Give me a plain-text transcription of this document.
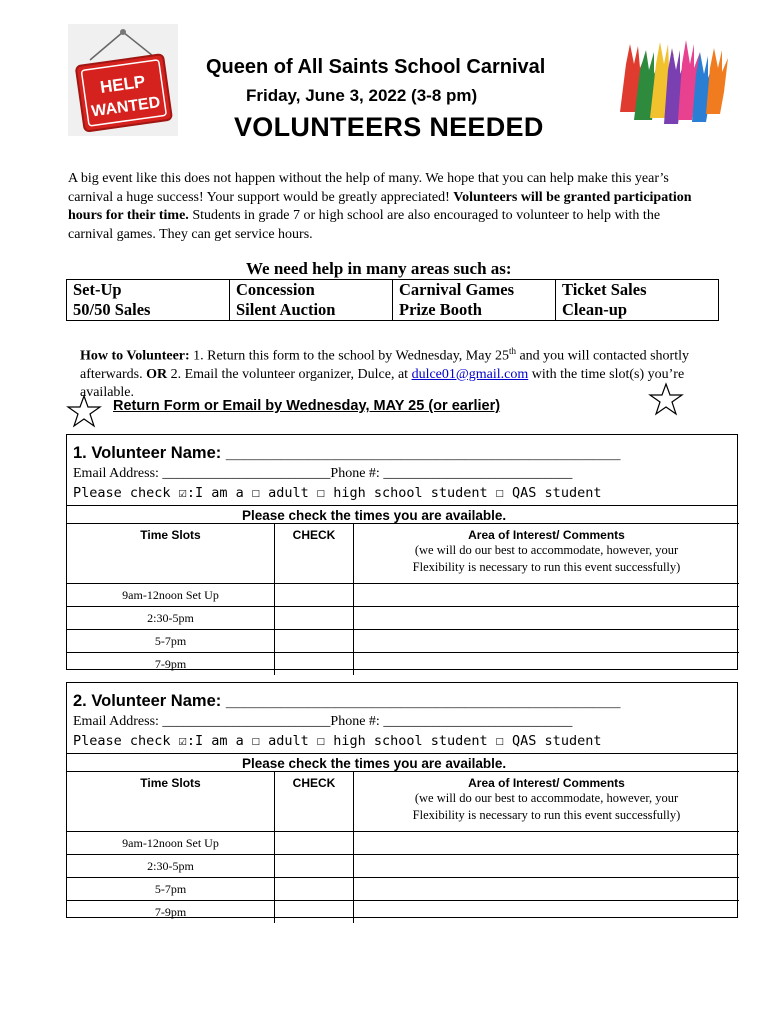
HELP
WANTED
Queen of All Saints School Carnival
Friday, June 3, 2022 (3-8 pm)
VOLUNTEERS NEEDED
A big event like this does not happen without the help of many. We hope that you can help make this year’s carnival a huge success! Your support would be greatly appreciated! Volunteers will be granted participation hours for their time. Students in grade 7 or high school are also encouraged to volunteer to help with the carnival games. They can get service hours.
We need help in many areas such as:
Set-Up	Concession	Carnival Games	Ticket Sales
50/50 Sales	Silent Auction	Prize Booth	Clean-up
How to Volunteer: 1. Return this form to the school by Wednesday, May 25th and you will contacted shortly afterwards. OR 2. Email the volunteer organizer, Dulce, at dulce01@gmail.com with the time slot(s) you’re available.
Return Form or Email by Wednesday, MAY 25 (or earlier)
1. Volunteer Name: ___________________________________________
Email Address: ________________________Phone #: ___________________________
Please check ☑:I am a ☐ adult ☐ high school student ☐ QAS student
Please check the times you are available.
Time Slots	CHECK	Area of Interest/ Comments
(we will do our best to accommodate, however, your
Flexibility is necessary to run this event successfully)

9am-12noon Set Up		
2:30-5pm		
5-7pm		
7-9pm		
2. Volunteer Name: ___________________________________________
Email Address: ________________________Phone #: ___________________________
Please check ☑:I am a ☐ adult ☐ high school student ☐ QAS student
Please check the times you are available.
Time Slots	CHECK	Area of Interest/ Comments
(we will do our best to accommodate, however, your
Flexibility is necessary to run this event successfully)

9am-12noon Set Up		
2:30-5pm		
5-7pm		
7-9pm		
